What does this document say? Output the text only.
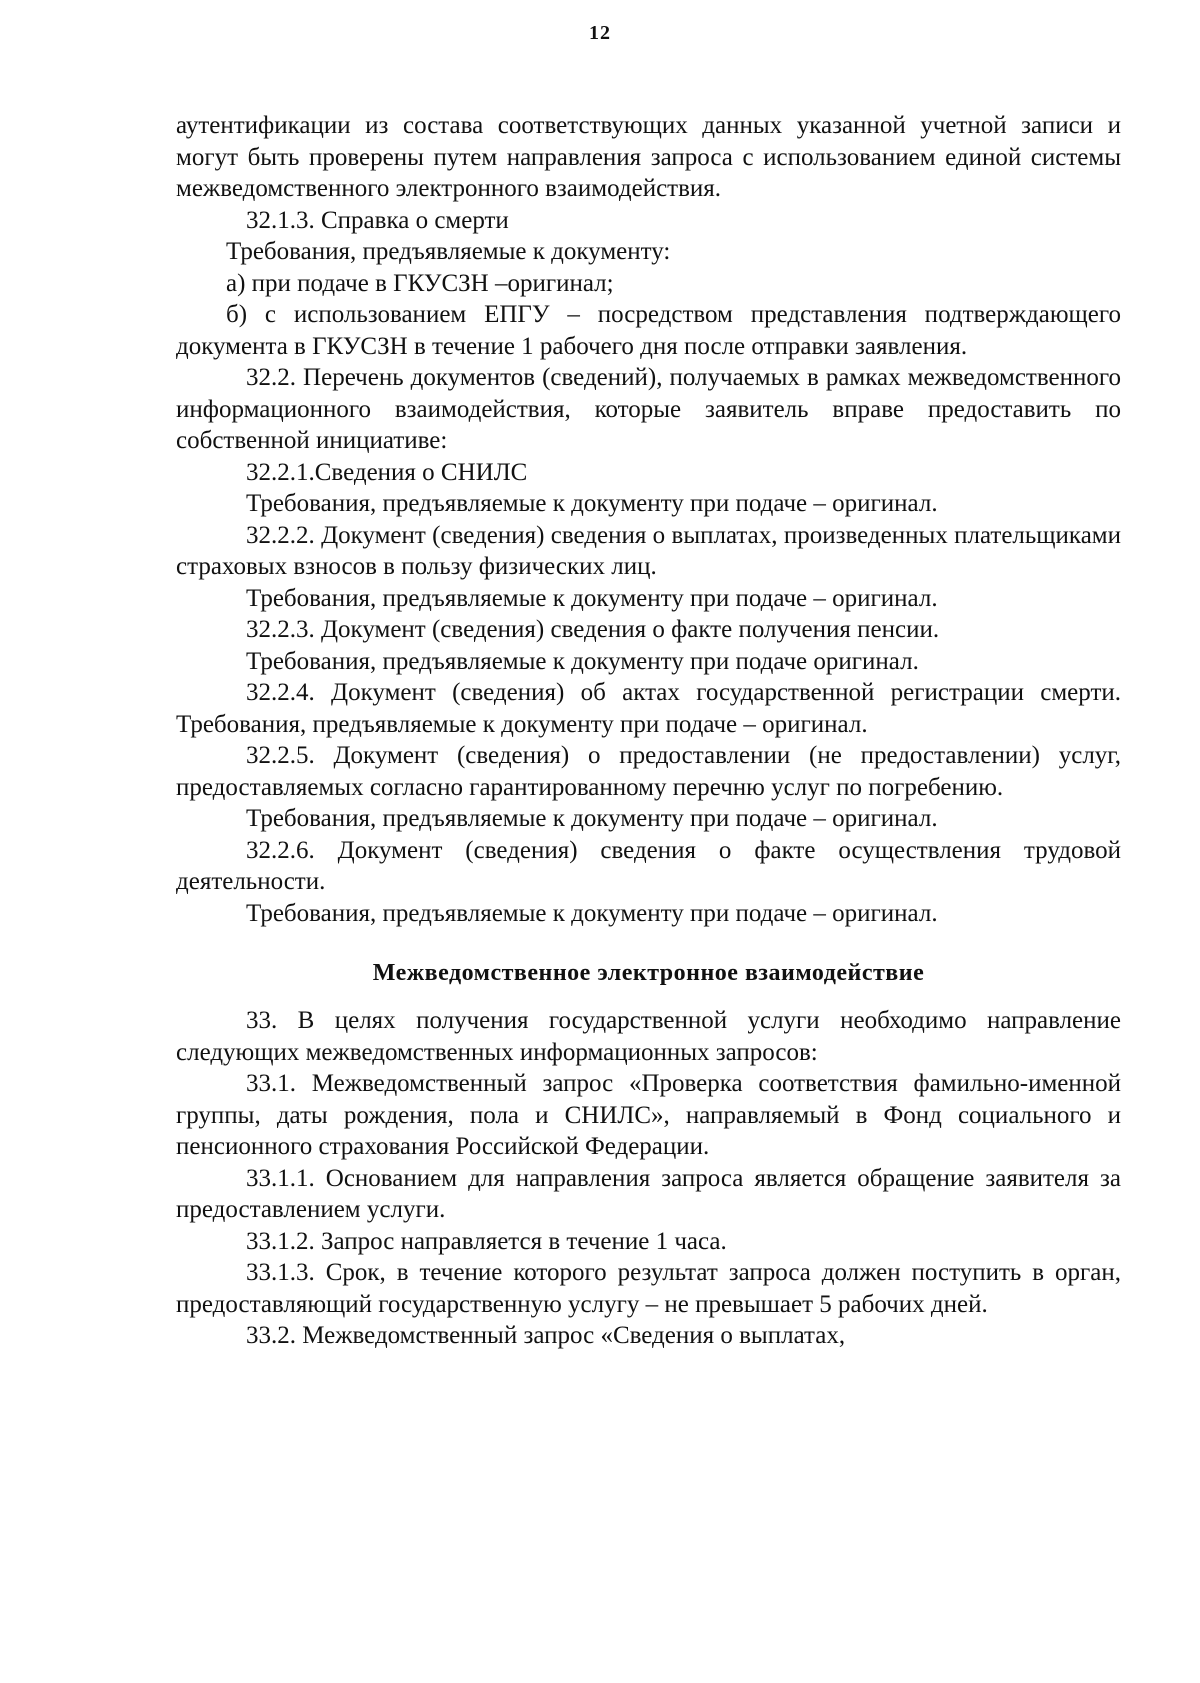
12

аутентификации из состава соответствующих данных указанной учетной записи и могут быть проверены путем направления запроса с использованием единой системы межведомственного электронного взаимодействия.

32.1.3. Справка о смерти

Требования, предъявляемые к документу:

а) при подаче в ГКУСЗН –оригинал;

б) с использованием ЕПГУ – посредством представления подтверждающего документа в ГКУСЗН в течение 1 рабочего дня после отправки заявления.

32.2. Перечень документов (сведений), получаемых в рамках межведомственного информационного взаимодействия, которые заявитель вправе предоставить по собственной инициативе:

32.2.1.Сведения о СНИЛС

Требования, предъявляемые к документу при подаче – оригинал.

32.2.2. Документ (сведения) сведения о выплатах, произведенных плательщиками страховых взносов в пользу физических лиц.

Требования, предъявляемые к документу при подаче – оригинал.

32.2.3. Документ (сведения) сведения о факте получения пенсии.

Требования, предъявляемые к документу при подаче оригинал.

32.2.4. Документ (сведения) об актах государственной регистрации смерти. Требования, предъявляемые к документу при подаче – оригинал.

32.2.5. Документ (сведения) о предоставлении (не предоставлении) услуг, предоставляемых согласно гарантированному перечню услуг по погребению.

Требования, предъявляемые к документу при подаче – оригинал.

32.2.6. Документ (сведения) сведения о факте осуществления трудовой деятельности.

Требования, предъявляемые к документу при подаче – оригинал.

Межведомственное электронное взаимодействие

33. В целях получения государственной услуги необходимо направление следующих межведомственных информационных запросов:

33.1. Межведомственный запрос «Проверка соответствия фамильно-именной группы, даты рождения, пола и СНИЛС», направляемый в Фонд социального и пенсионного страхования Российской Федерации.

33.1.1. Основанием для направления запроса является обращение заявителя за предоставлением услуги.

33.1.2. Запрос направляется в течение 1 часа.

33.1.3. Срок, в течение которого результат запроса должен поступить в орган, предоставляющий государственную услугу – не превышает 5 рабочих дней.

33.2. Межведомственный запрос «Сведения о выплатах,
